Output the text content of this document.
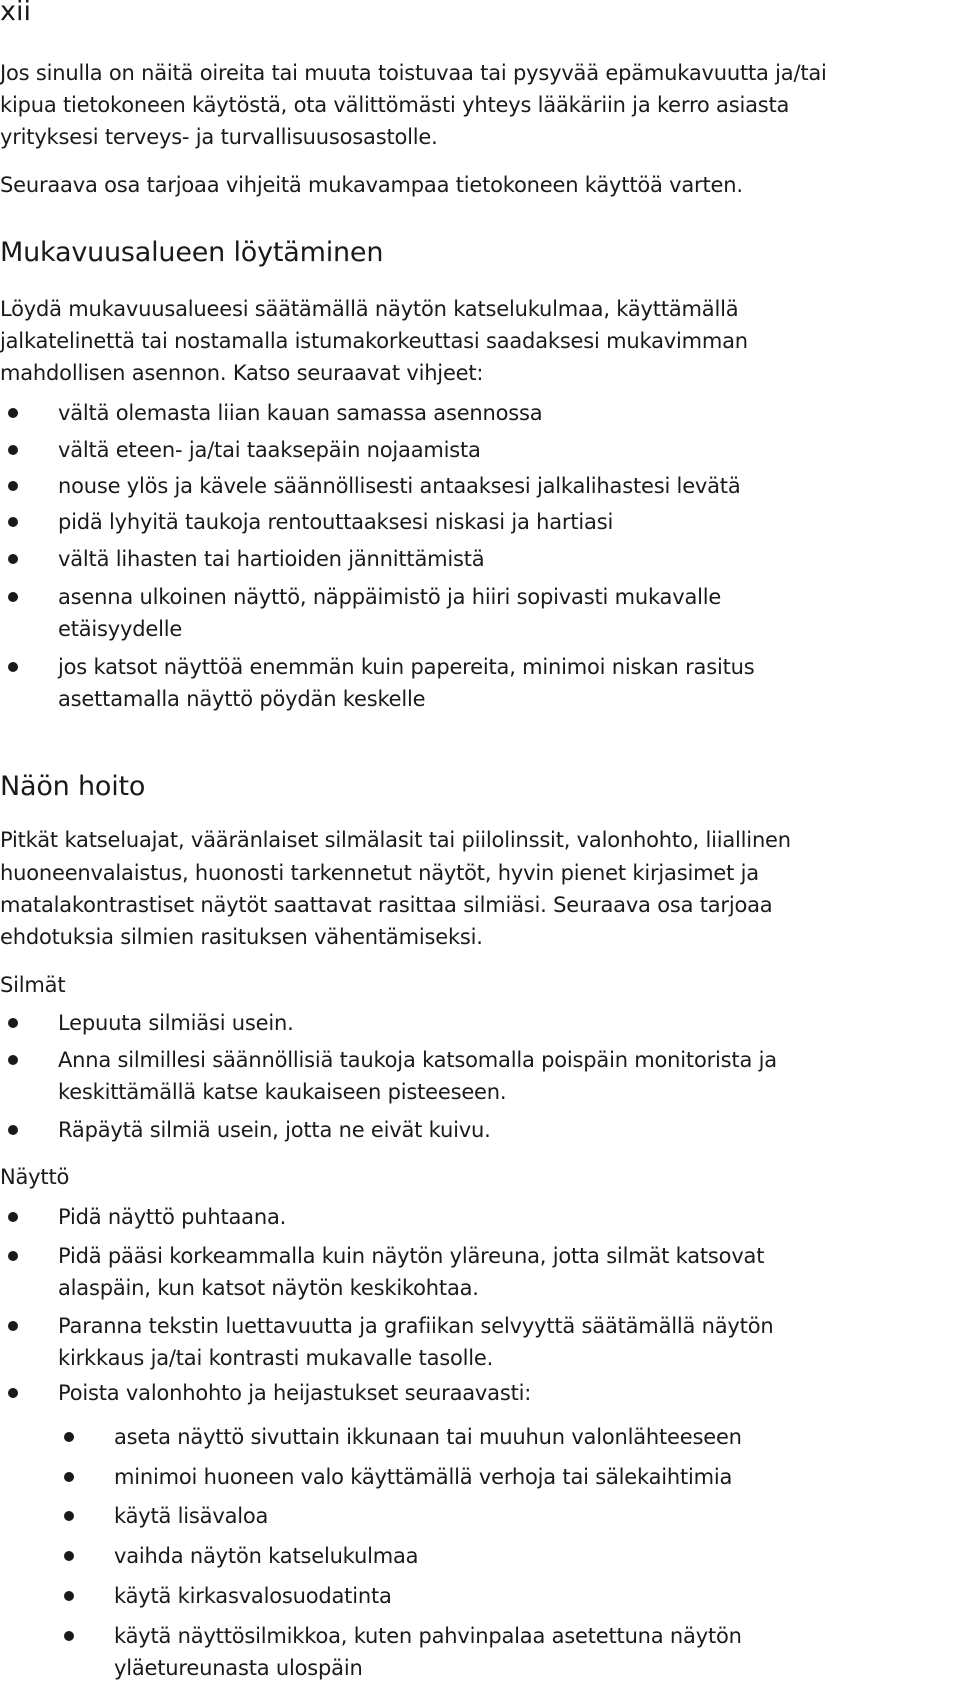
xii
Jos sinulla on näitä oireita tai muuta toistuvaa tai pysyvää epämukavuutta ja/tai
kipua tietokoneen käytöstä, ota välittömästi yhteys lääkäriin ja kerro asiasta
yrityksesi terveys- ja turvallisuusosastolle.
Seuraava osa tarjoaa vihjeitä mukavampaa tietokoneen käyttöä varten.
Mukavuusalueen löytäminen
Löydä mukavuusalueesi säätämällä näytön katselukulmaa, käyttämällä
jalkatelinettä tai nostamalla istumakorkeuttasi saadaksesi mukavimman
mahdollisen asennon. Katso seuraavat vihjeet:
vältä olemasta liian kauan samassa asennossa
vältä eteen- ja/tai taaksepäin nojaamista
nouse ylös ja kävele säännöllisesti antaaksesi jalkalihastesi levätä
pidä lyhyitä taukoja rentouttaaksesi niskasi ja hartiasi
vältä lihasten tai hartioiden jännittämistä
asenna ulkoinen näyttö, näppäimistö ja hiiri sopivasti mukavalle
etäisyydelle
jos katsot näyttöä enemmän kuin papereita, minimoi niskan rasitus
asettamalla näyttö pöydän keskelle
Näön hoito
Pitkät katseluajat, vääränlaiset silmälasit tai piilolinssit, valonhohto, liiallinen
huoneenvalaistus, huonosti tarkennetut näytöt, hyvin pienet kirjasimet ja
matalakontrastiset näytöt saattavat rasittaa silmiäsi. Seuraava osa tarjoaa
ehdotuksia silmien rasituksen vähentämiseksi.
Silmät
Lepuuta silmiäsi usein.
Anna silmillesi säännöllisiä taukoja katsomalla poispäin monitorista ja
keskittämällä katse kaukaiseen pisteeseen.
Räpäytä silmiä usein, jotta ne eivät kuivu.
Näyttö
Pidä näyttö puhtaana.
Pidä pääsi korkeammalla kuin näytön yläreuna, jotta silmät katsovat
alaspäin, kun katsot näytön keskikohtaa.
Paranna tekstin luettavuutta ja grafiikan selvyyttä säätämällä näytön
kirkkaus ja/tai kontrasti mukavalle tasolle.
Poista valonhohto ja heijastukset seuraavasti:
aseta näyttö sivuttain ikkunaan tai muuhun valonlähteeseen
minimoi huoneen valo käyttämällä verhoja tai sälekaihtimia
käytä lisävaloa
vaihda näytön katselukulmaa
käytä kirkasvalosuodatinta
käytä näyttösilmikkoa, kuten pahvinpalaa asetettuna näytön
yläetureunasta ulospäin
